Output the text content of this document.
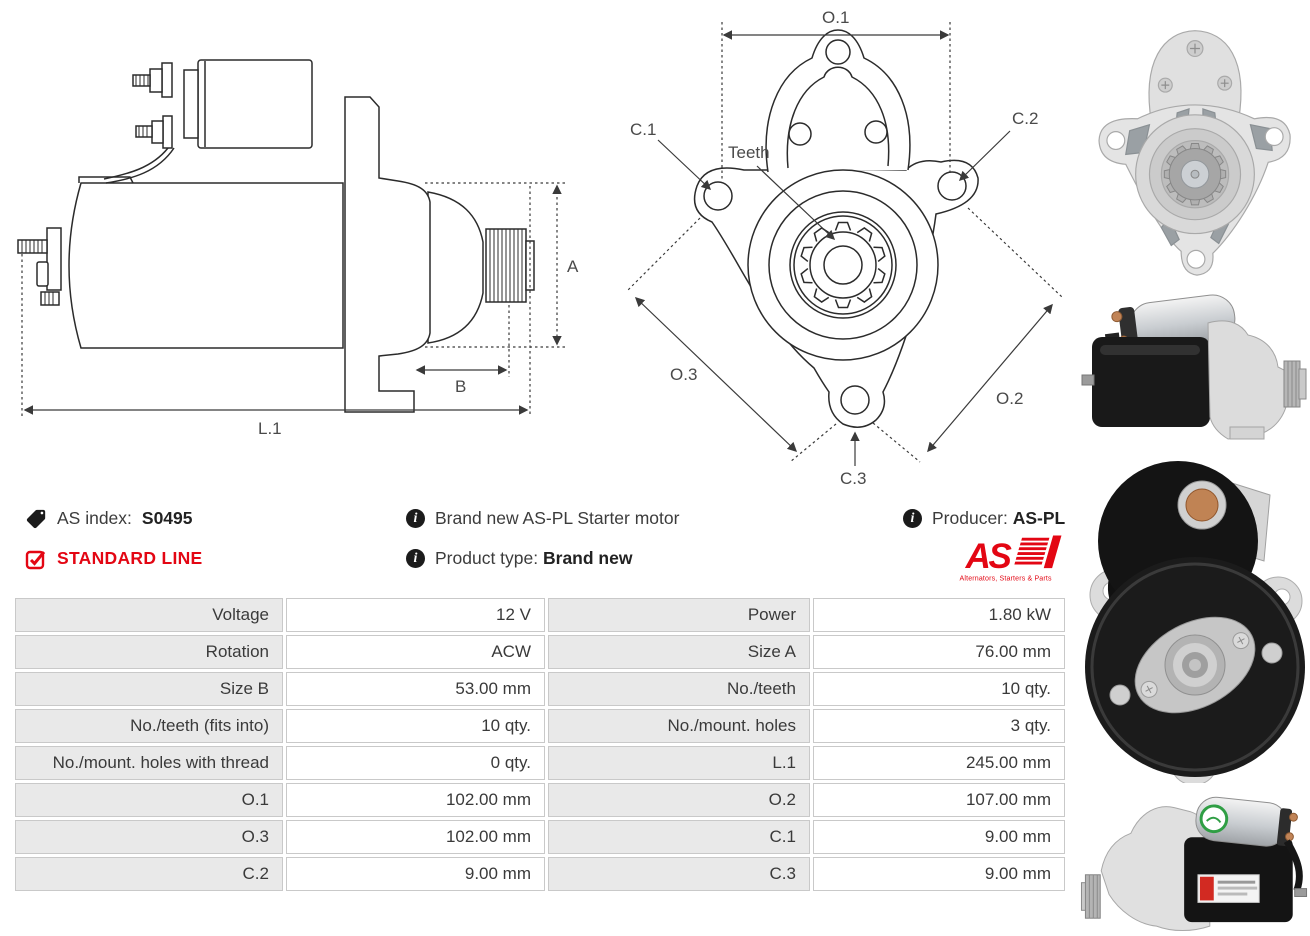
A
B
L.1
O.1
C.1
C.2
Teeth
O.3
O.2
C.3
AS index: S0495
STANDARD LINE
i	Brand new AS-PL Starter motor
i	Product type: Brand new
i	Producer: AS-PL
AS
Alternators, Starters & Parts
Voltage	12 V	Power	1.80 kW
Rotation	ACW	Size A	76.00 mm
Size B	53.00 mm	No./teeth	10 qty.
No./teeth (fits into)	10 qty.	No./mount. holes	3 qty.
No./mount. holes with thread	0 qty.	L.1	245.00 mm
O.1	102.00 mm	O.2	107.00 mm
O.3	102.00 mm	C.1	9.00 mm
C.2	9.00 mm	C.3	9.00 mm
